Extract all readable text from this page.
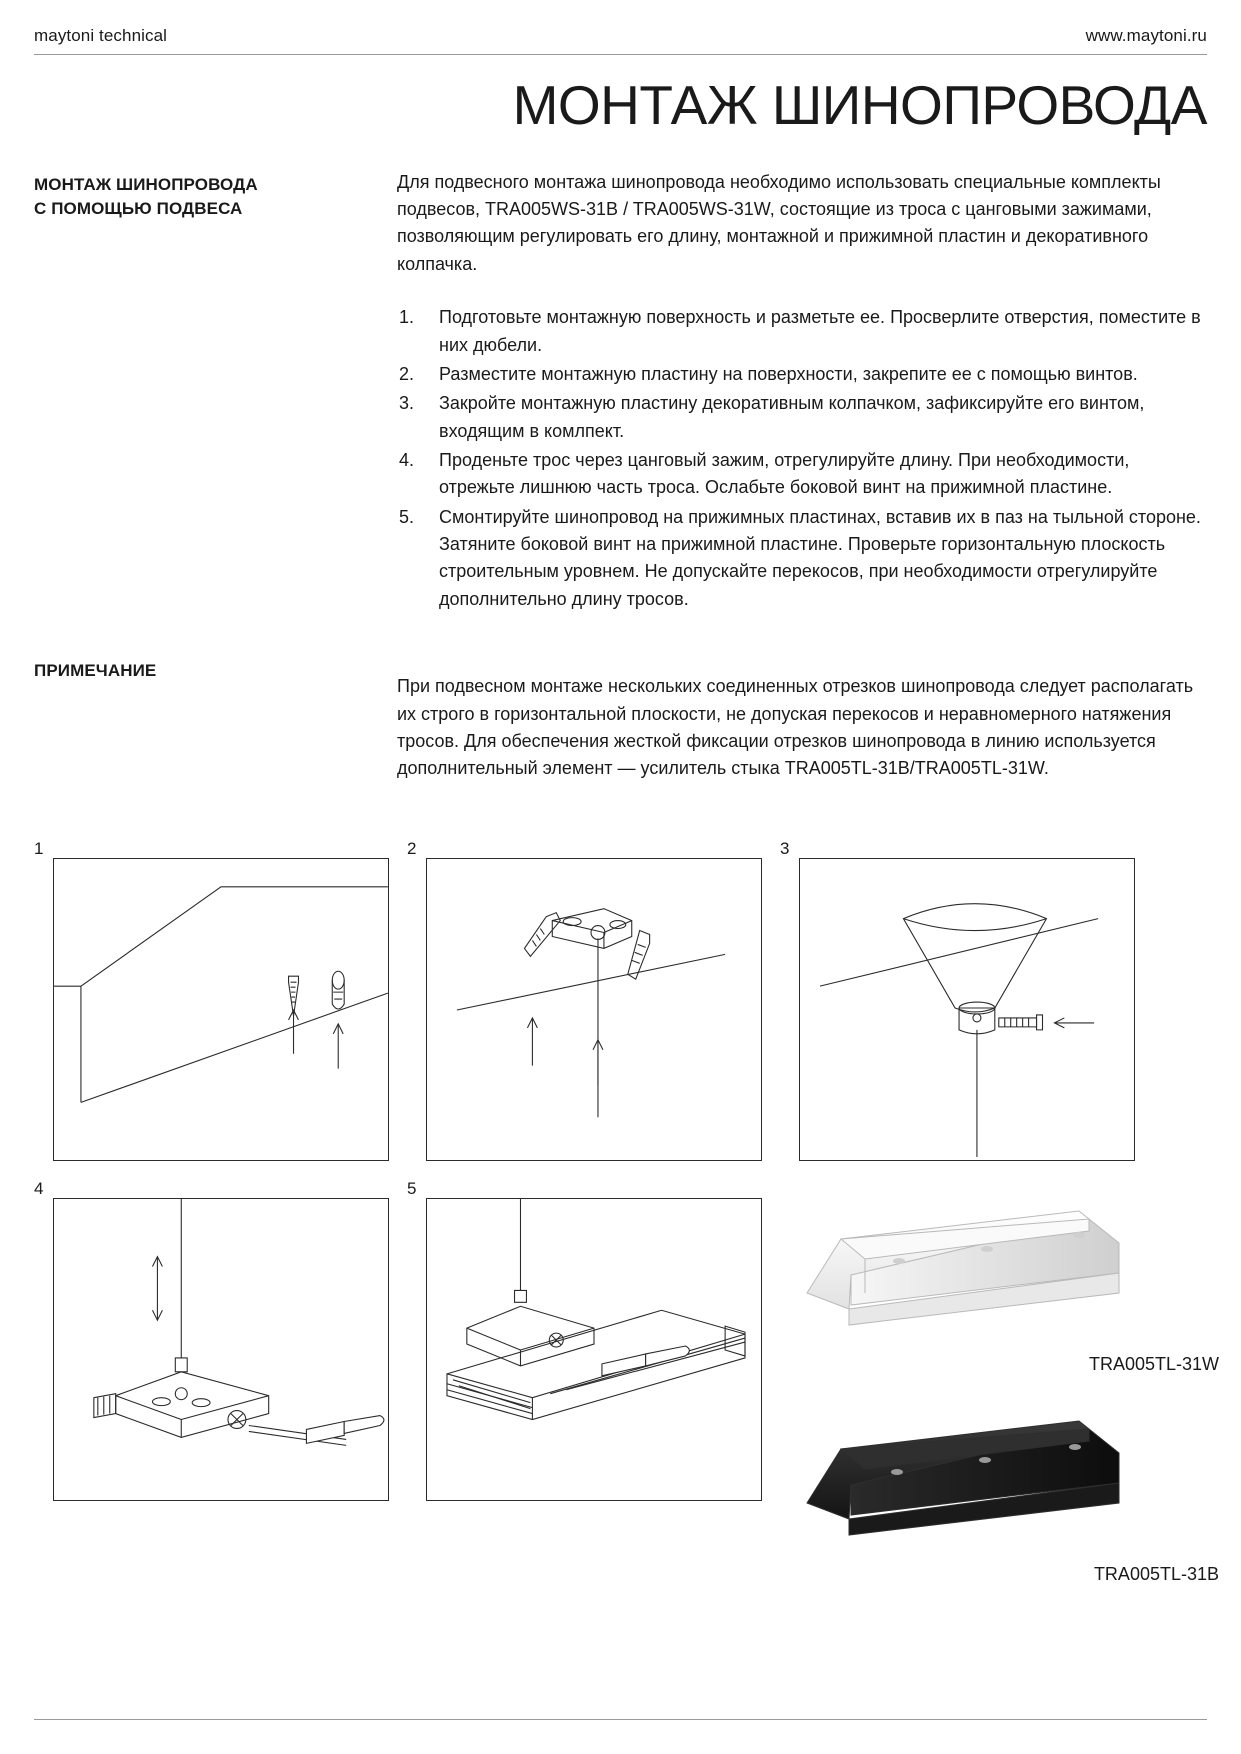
maytoni technical	www.maytoni.ru
МОНТАЖ ШИНОПРОВОДА
МОНТАЖ ШИНОПРОВОДА
С ПОМОЩЬЮ ПОДВЕСА

Для подвесного монтажа шинопровода необходимо использовать специальные комплекты подвесов, TRA005WS-31B / TRA005WS-31W, состоящие из троса с цанговыми зажимами, позволяющим регулировать его длину, монтажной и прижимной пластин и декоративного колпачка.

Подготовьте монтажную поверхность и разметьте ее. Просверлите отверстия, поместите в них дюбели.
Разместите монтажную пластину на поверхности, закрепите ее с помощью винтов.
Закройте монтажную пластину декоративным колпачком, зафиксируйте его винтом, входящим в комлпект.
Проденьте трос через цанговый зажим, отрегулируйте длину. При необходимости, отрежьте лишнюю часть троса. Ослабьте боковой винт на прижимной пластине.
Смонтируйте шинопровод на прижимных пластинах, вставив их в паз на тыльной стороне. Затяните боковой винт на прижимной пластине. Проверьте горизонтальную плоскость строительным уровнем. Не допускайте перекосов, при необходимости отрегулируйте дополнительно длину тросов.
ПРИМЕЧАНИЕ

При подвесном монтаже нескольких соединенных отрезков шинопровода следует располагать их строго в горизонтальной плоскости, не допуская перекосов и неравномерного натяжения тросов. Для обеспечения жесткой фиксации отрезков шинопровода в линию используется дополнительный элемент — усилитель стыка TRA005TL-31B/TRA005TL-31W.

1	2	3
4	5
TRA005TL-31W
TRA005TL-31B
